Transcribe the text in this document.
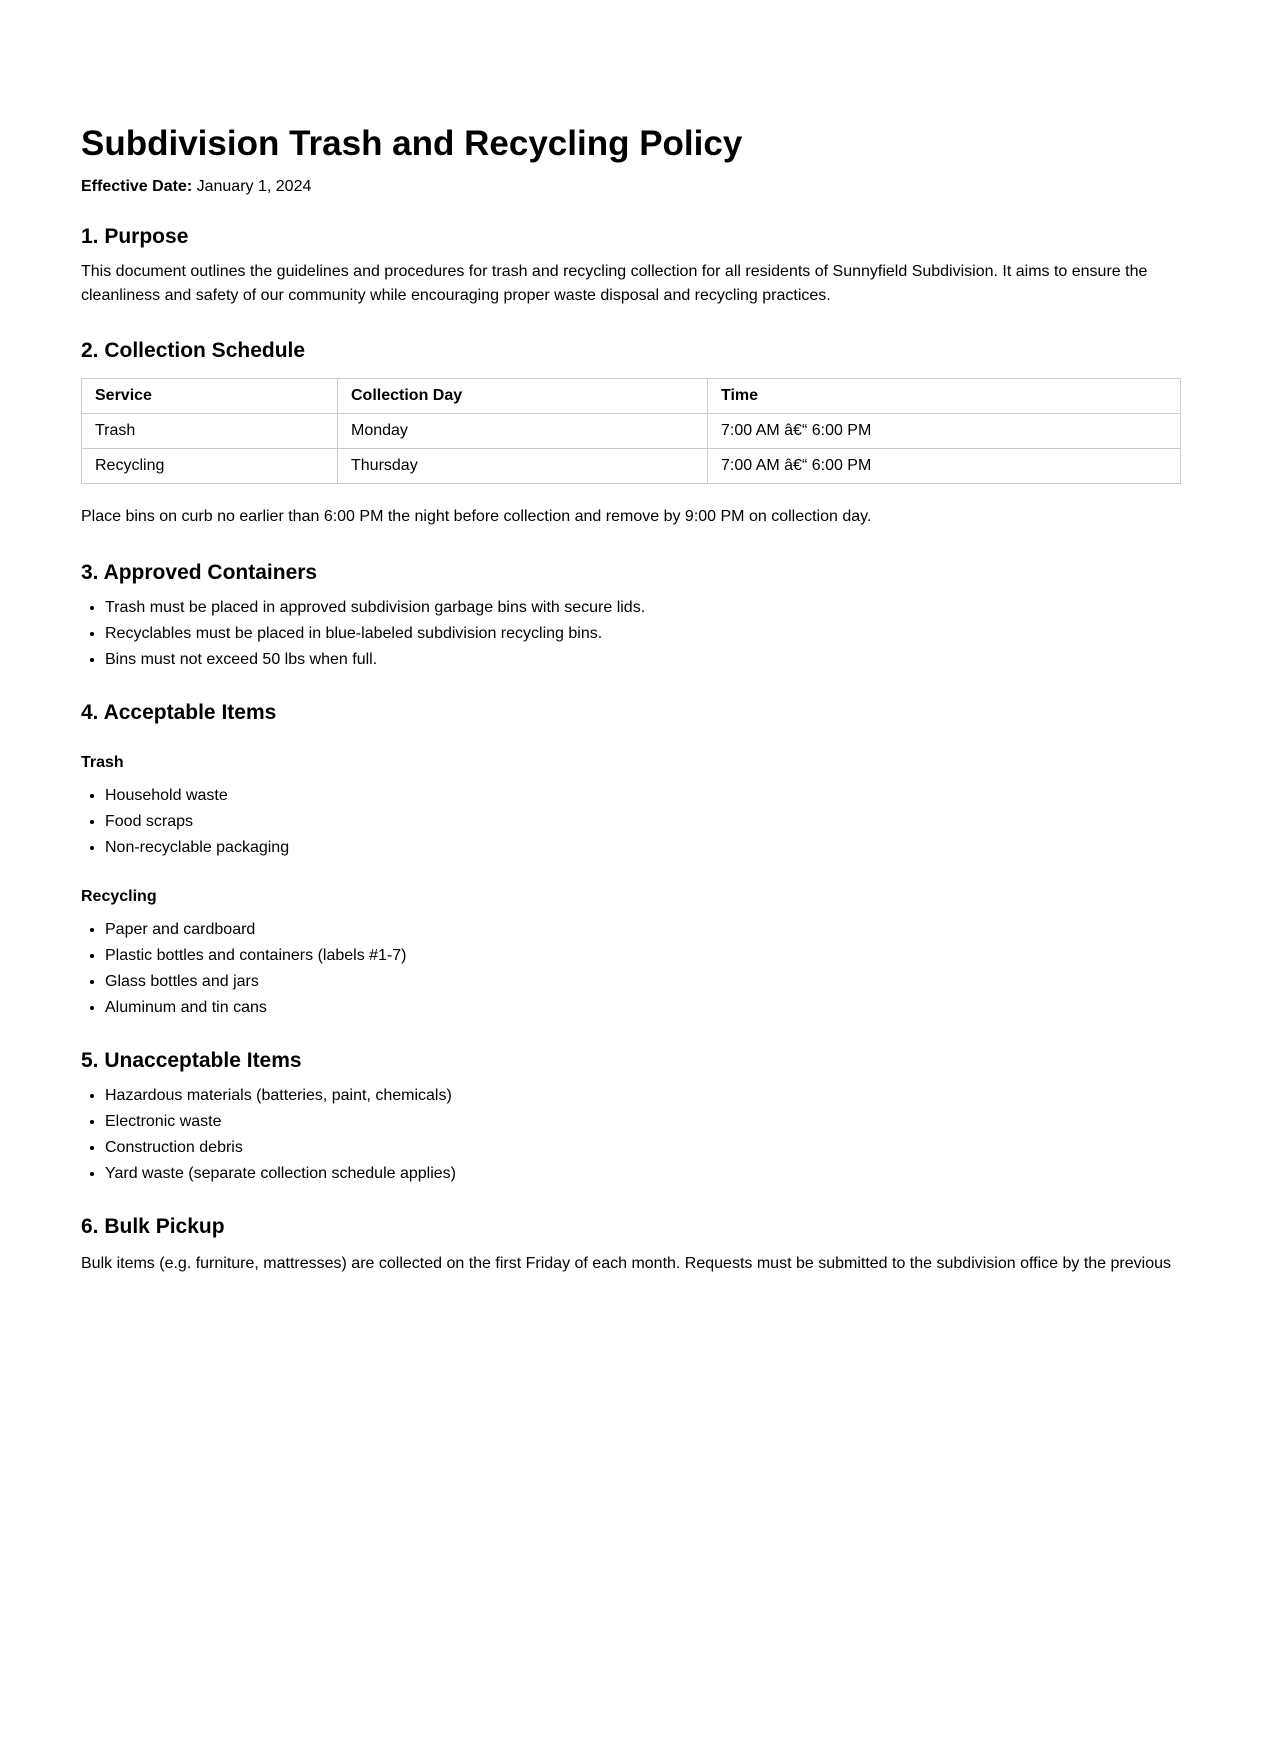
Subdivision Trash and Recycling Policy

Effective Date: January 1, 2024

1. Purpose

This document outlines the guidelines and procedures for trash and recycling collection for all residents of Sunnyfield Subdivision. It aims to ensure the cleanliness and safety of our community while encouraging proper waste disposal and recycling practices.

2. Collection Schedule
Service	Collection Day	Time
Trash	Monday	7:00 AM â€“ 6:00 PM
Recycling	Thursday	7:00 AM â€“ 6:00 PM

Place bins on curb no earlier than 6:00 PM the night before collection and remove by 9:00 PM on collection day.

3. Approved Containers
• Trash must be placed in approved subdivision garbage bins with secure lids.
• Recyclables must be placed in blue-labeled subdivision recycling bins.
• Bins must not exceed 50 lbs when full.
4. Acceptable Items
Trash
• Household waste
• Food scraps
• Non-recyclable packaging
Recycling
• Paper and cardboard
• Plastic bottles and containers (labels #1-7)
• Glass bottles and jars
• Aluminum and tin cans
5. Unacceptable Items
• Hazardous materials (batteries, paint, chemicals)
• Electronic waste
• Construction debris
• Yard waste (separate collection schedule applies)
6. Bulk Pickup

Bulk items (e.g. furniture, mattresses) are collected on the first Friday of each month. Requests must be submitted to the subdivision office by the previous
